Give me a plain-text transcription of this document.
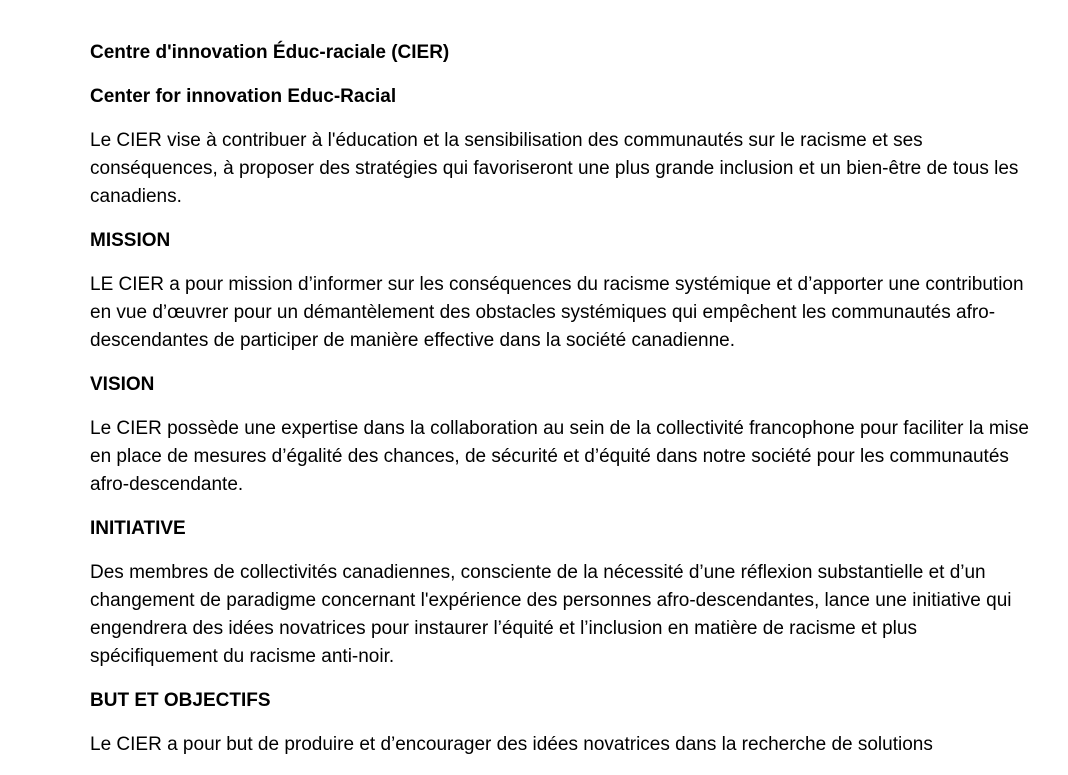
Centre d'innovation Éduc-raciale (CIER)

Center for innovation Educ-Racial

Le CIER vise à contribuer à l'éducation et la sensibilisation des communautés sur le racisme et ses conséquences, à proposer des stratégies qui favoriseront une plus grande inclusion et un bien-être de tous les canadiens.

MISSION

LE CIER a pour mission d’informer sur les conséquences du racisme systémique et d’apporter une contribution en vue d’œuvrer pour un démantèlement des obstacles systémiques qui empêchent les communautés afro-descendantes de participer de manière effective dans la société canadienne.

VISION

Le CIER possède une expertise dans la collaboration au sein de la collectivité francophone pour faciliter la mise en place de mesures d’égalité des chances, de sécurité et d’équité dans notre société pour les communautés afro-descendante.

INITIATIVE

Des membres de collectivités canadiennes, consciente de la nécessité d’une réflexion substantielle et d’un changement de paradigme concernant l'expérience des personnes afro-descendantes, lance une initiative qui engendrera des idées novatrices pour instaurer l’équité et l’inclusion en matière de racisme et plus spécifiquement du racisme anti-noir.

BUT ET OBJECTIFS

Le CIER a pour but de produire et d’encourager des idées novatrices dans la recherche de solutions
